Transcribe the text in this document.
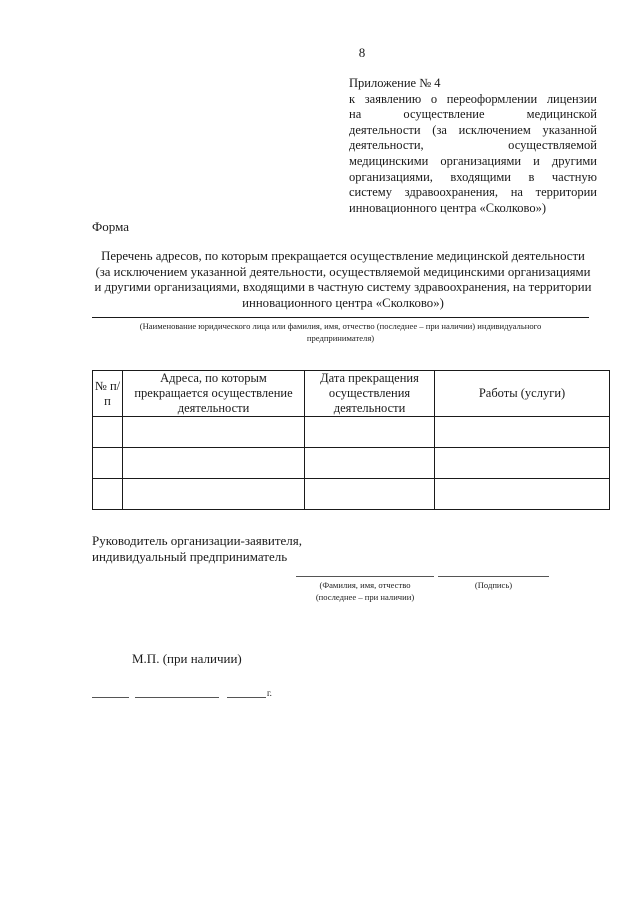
8
Приложение № 4
к заявлению о переоформлении лицензии
на осуществление медицинской
деятельности (за исключением указанной
деятельности, осуществляемой
медицинскими организациями и другими
организациями, входящими в частную
систему здравоохранения, на территории
инновационного центра «Сколково»)
Форма
Перечень адресов, по которым прекращается осуществление медицинской деятельности
(за исключением указанной деятельности, осуществляемой медицинскими организациями
и другими организациями, входящими в частную систему здравоохранения, на территории
инновационного центра «Сколково»)
(Наименование юридического лица или фамилия, имя, отчество (последнее – при наличии) индивидуального
предпринимателя)
№ п/п	Адреса, по которым прекращается осуществление деятельности	Дата прекращения осуществления деятельности	Работы (услуги)

Руководитель организации-заявителя,
индивидуальный предприниматель
(Фамилия, имя, отчество
(последнее – при наличии)
(Подпись)
М.П. (при наличии)
г.
